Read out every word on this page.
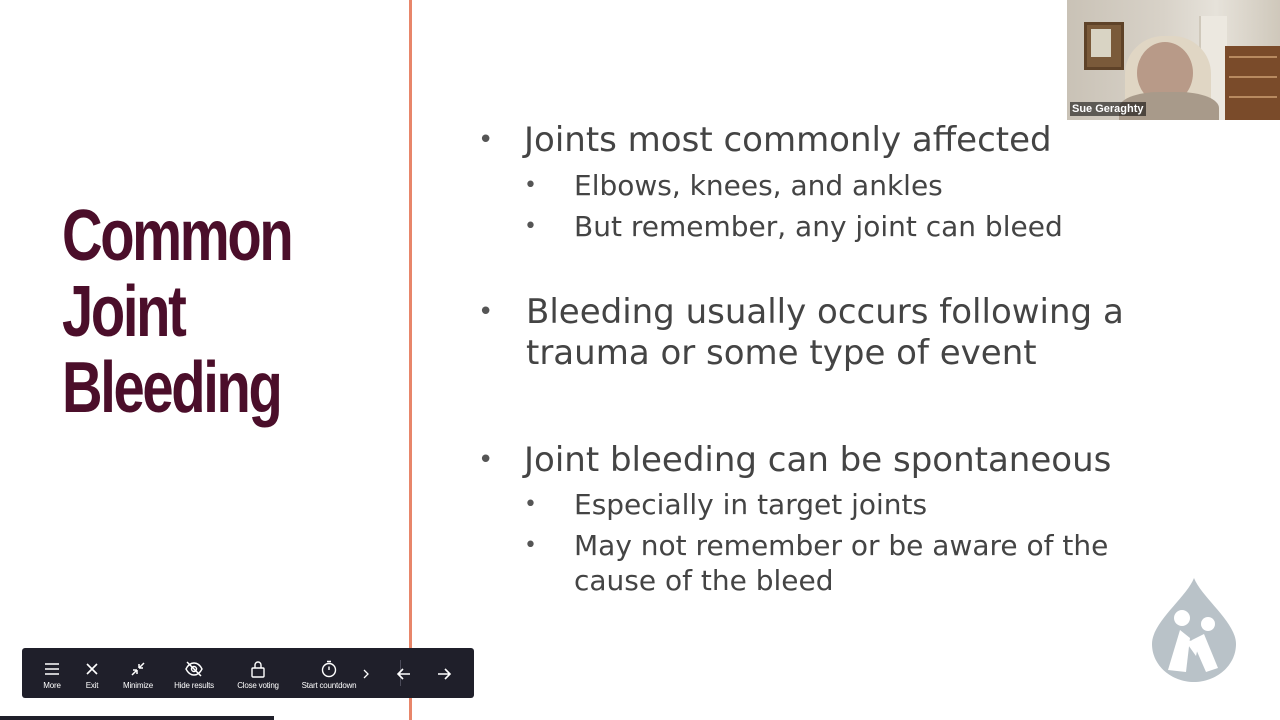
Common
Joint
Bleeding
• Joints most commonly affected
• Elbows, knees, and ankles
• But remember, any joint can bleed
• Bleeding usually occurs following a
trauma or some type of event
• Joint bleeding can be spontaneous
• Especially in target joints
• May not remember or be aware of the
cause of the bleed
Sue Geraghty
More	Exit	Minimize	Hide results	Close voting	Start countdown
